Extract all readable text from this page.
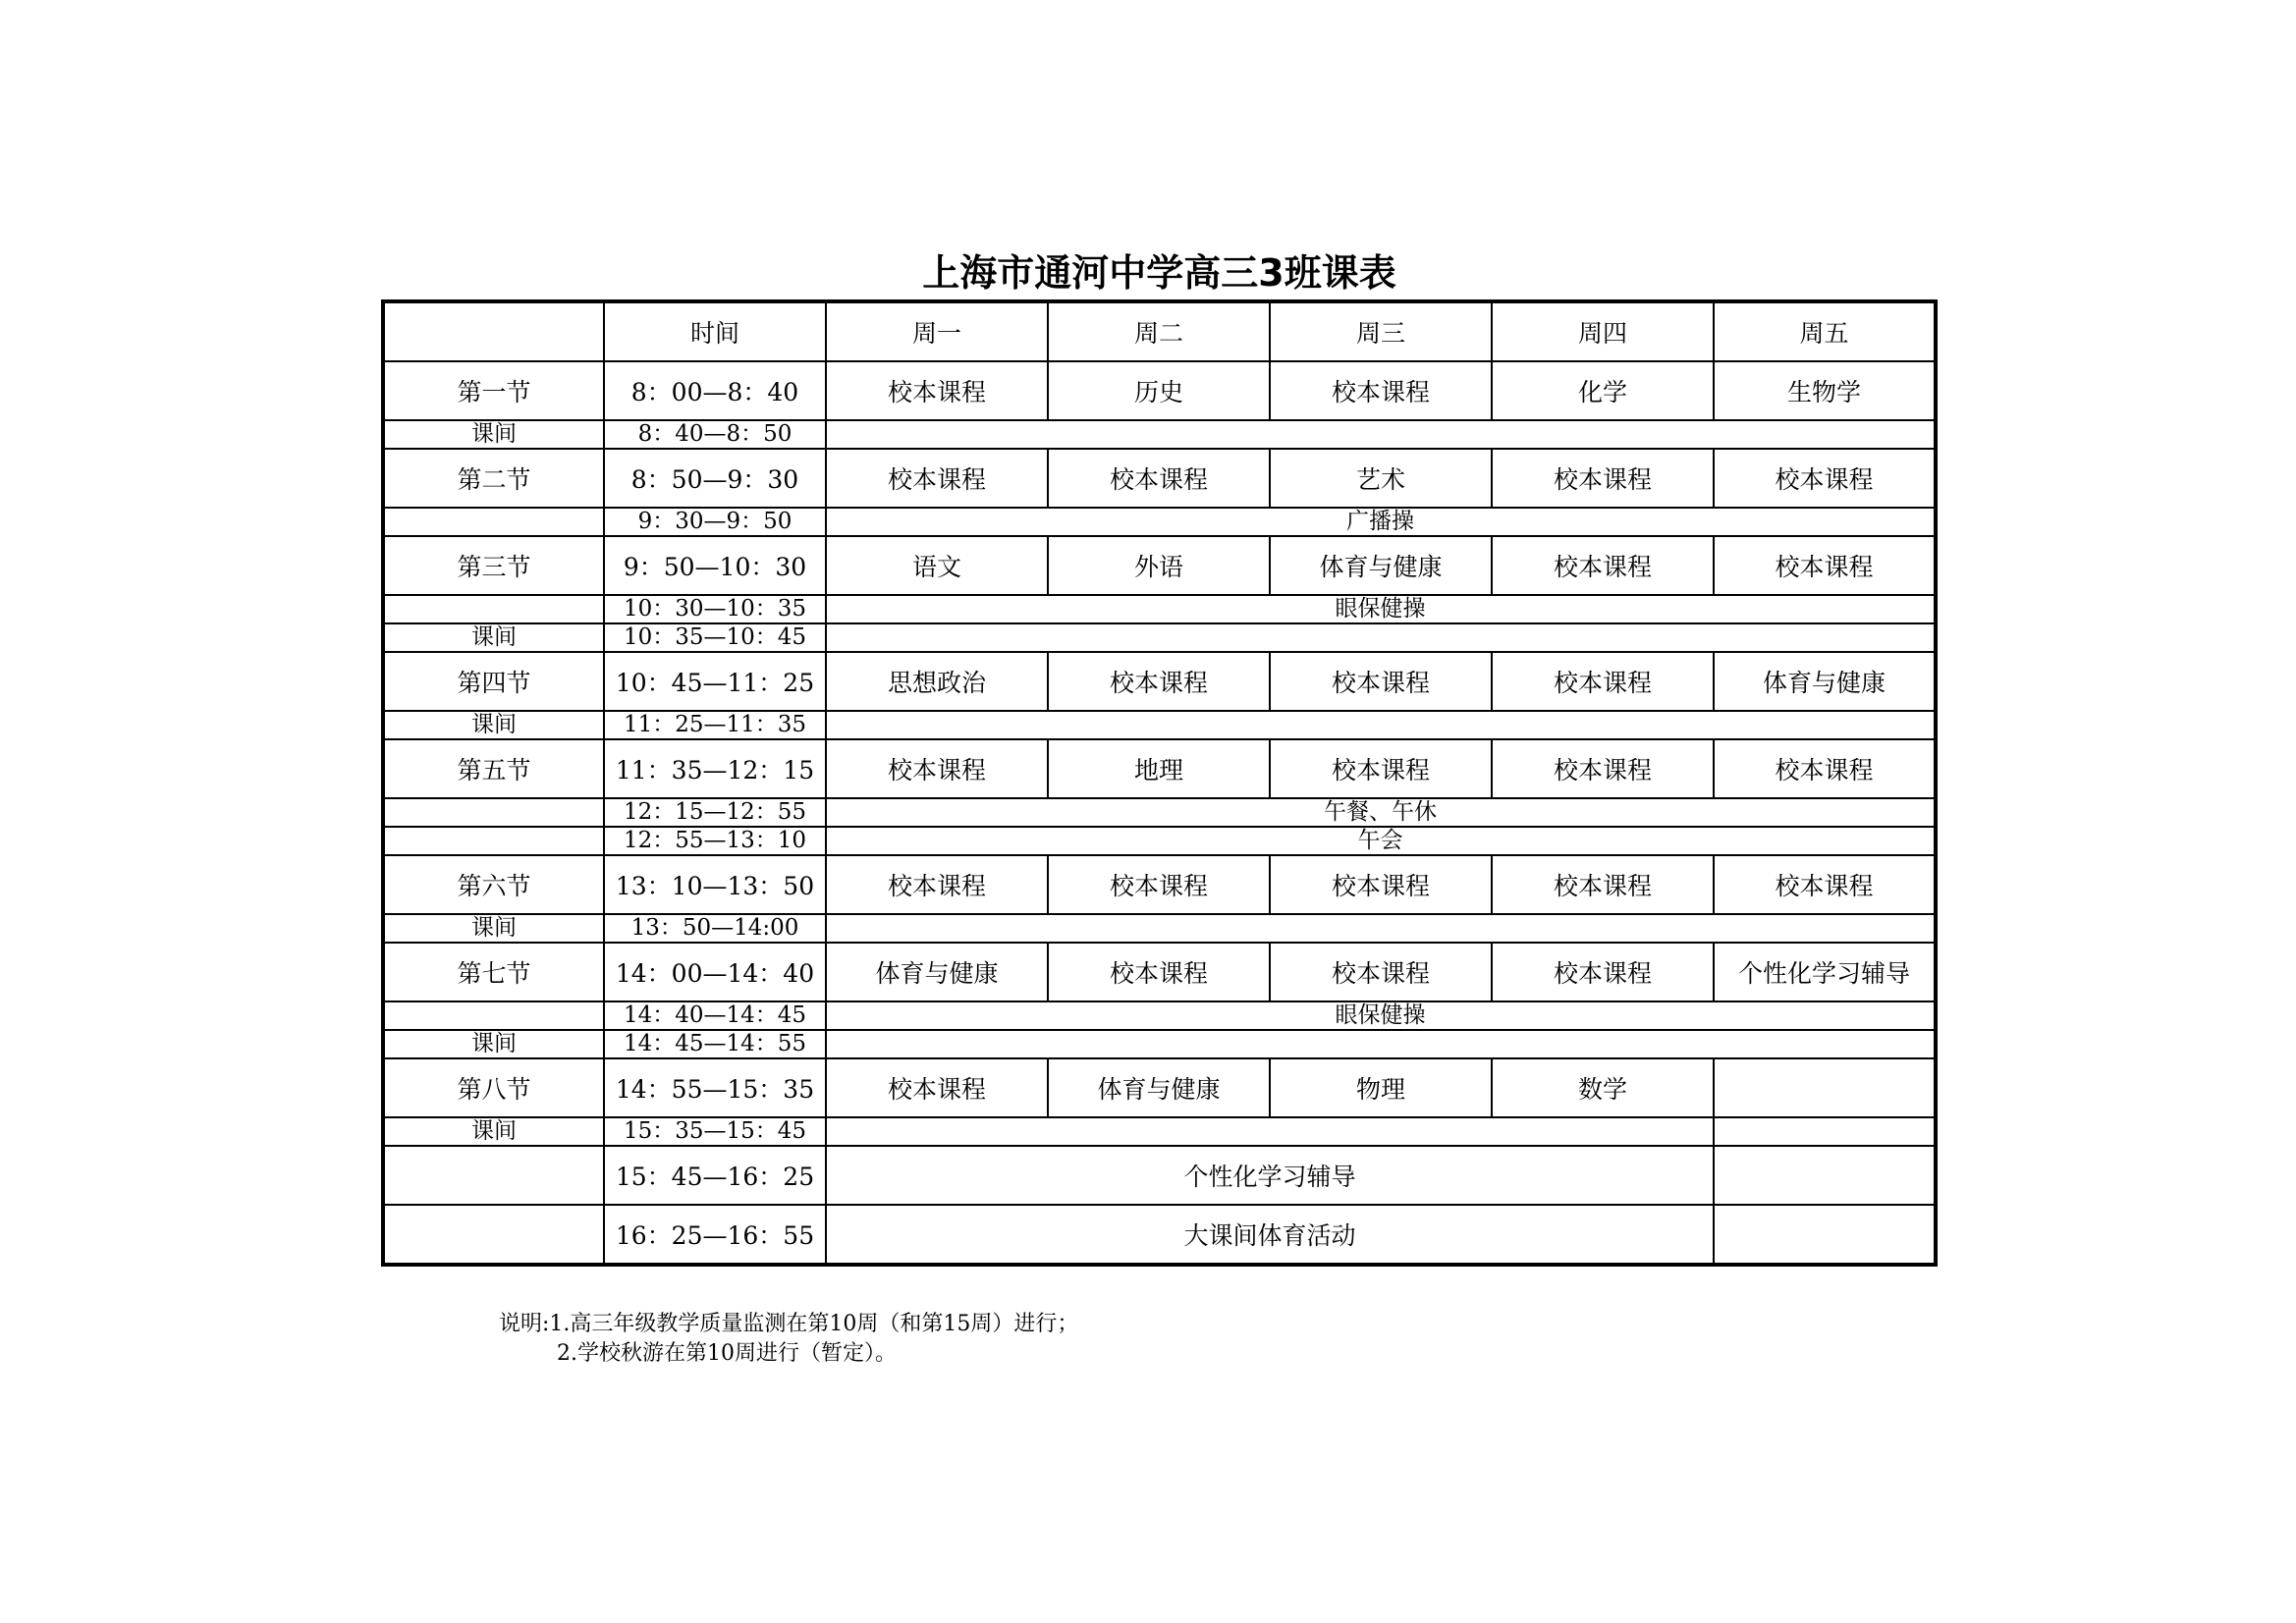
上海市通河中学高三3班课表
	时间	周一	周二	周三	周四	周五
第一节	8：00—8：40	校本课程	历史	校本课程	化学	生物学
课间	8：40—8：50					
第二节	8：50—9：30	校本课程	校本课程	艺术	校本课程	校本课程
	9：30—9：50	广播操				
第三节	9：50—10：30	语文	外语	体育与健康	校本课程	校本课程
	10：30—10：35	眼保健操				
课间	10：35—10：45					
第四节	10：45—11：25	思想政治	校本课程	校本课程	校本课程	体育与健康
课间	11：25—11：35					
第五节	11：35—12：15	校本课程	地理	校本课程	校本课程	校本课程
	12：15—12：55	午餐、午休				
	12：55—13：10	午会				
第六节	13：10—13：50	校本课程	校本课程	校本课程	校本课程	校本课程
课间	13：50—14:00					
第七节	14：00—14：40	体育与健康	校本课程	校本课程	校本课程	个性化学习辅导
	14：40—14：45	眼保健操				
课间	14：45—14：55					
第八节	14：55—15：35	校本课程	体育与健康	物理	数学	
课间	15：35—15：45					
	15：45—16：25	个性化学习辅导				
	16：25—16：55	大课间体育活动				
说明:1.高三年级教学质量监测在第10周（和第15周）进行；
2.学校秋游在第10周进行（暂定）。
